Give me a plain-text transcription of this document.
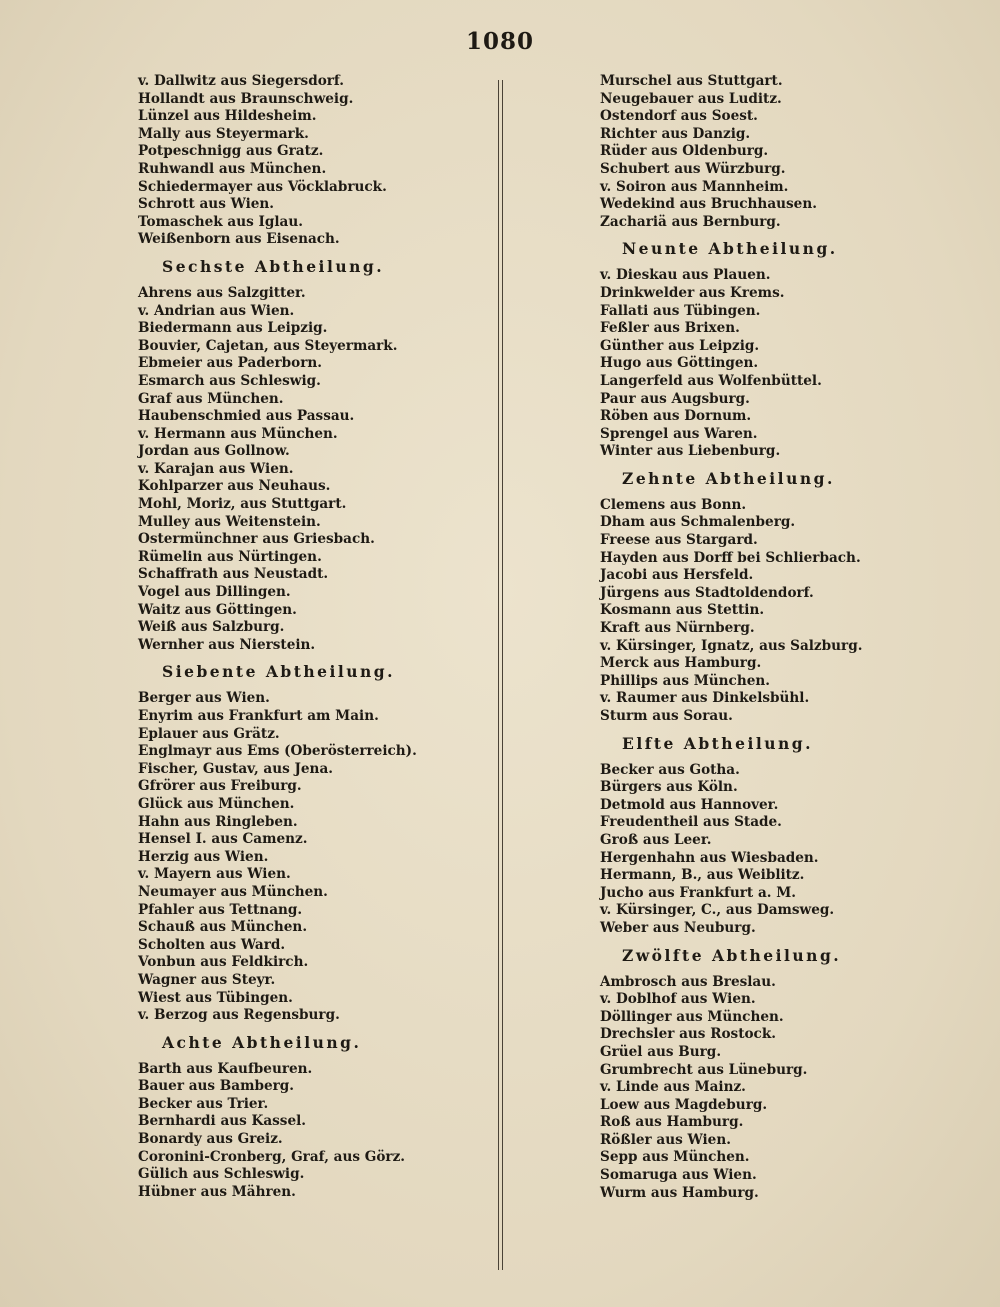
1080
v. Dallwitz aus Siegersdorf.
Hollandt aus Braunschweig.
Lünzel aus Hildesheim.
Mally aus Steyermark.
Potpeschnigg aus Gratz.
Ruhwandl aus München.
Schiedermayer aus Vöcklabruck.
Schrott aus Wien.
Tomaschek aus Iglau.
Weißenborn aus Eisenach.
Sechste Abtheilung.
Ahrens aus Salzgitter.
v. Andrian aus Wien.
Biedermann aus Leipzig.
Bouvier, Cajetan, aus Steyermark.
Ebmeier aus Paderborn.
Esmarch aus Schleswig.
Graf aus München.
Haubenschmied aus Passau.
v. Hermann aus München.
Jordan aus Gollnow.
v. Karajan aus Wien.
Kohlparzer aus Neuhaus.
Mohl, Moriz, aus Stuttgart.
Mulley aus Weitenstein.
Ostermünchner aus Griesbach.
Rümelin aus Nürtingen.
Schaffrath aus Neustadt.
Vogel aus Dillingen.
Waitz aus Göttingen.
Weiß aus Salzburg.
Wernher aus Nierstein.
Siebente Abtheilung.
Berger aus Wien.
Enyrim aus Frankfurt am Main.
Eplauer aus Grätz.
Englmayr aus Ems (Oberösterreich).
Fischer, Gustav, aus Jena.
Gfrörer aus Freiburg.
Glück aus München.
Hahn aus Ringleben.
Hensel I. aus Camenz.
Herzig aus Wien.
v. Mayern aus Wien.
Neumayer aus München.
Pfahler aus Tettnang.
Schauß aus München.
Scholten aus Ward.
Vonbun aus Feldkirch.
Wagner aus Steyr.
Wiest aus Tübingen.
v. Berzog aus Regensburg.
Achte Abtheilung.
Barth aus Kaufbeuren.
Bauer aus Bamberg.
Becker aus Trier.
Bernhardi aus Kassel.
Bonardy aus Greiz.
Coronini-Cronberg, Graf, aus Görz.
Gülich aus Schleswig.
Hübner aus Mähren.
Murschel aus Stuttgart.
Neugebauer aus Luditz.
Ostendorf aus Soest.
Richter aus Danzig.
Rüder aus Oldenburg.
Schubert aus Würzburg.
v. Soiron aus Mannheim.
Wedekind aus Bruchhausen.
Zachariä aus Bernburg.
Neunte Abtheilung.
v. Dieskau aus Plauen.
Drinkwelder aus Krems.
Fallati aus Tübingen.
Feßler aus Brixen.
Günther aus Leipzig.
Hugo aus Göttingen.
Langerfeld aus Wolfenbüttel.
Paur aus Augsburg.
Röben aus Dornum.
Sprengel aus Waren.
Winter aus Liebenburg.
Zehnte Abtheilung.
Clemens aus Bonn.
Dham aus Schmalenberg.
Freese aus Stargard.
Hayden aus Dorff bei Schlierbach.
Jacobi aus Hersfeld.
Jürgens aus Stadtoldendorf.
Kosmann aus Stettin.
Kraft aus Nürnberg.
v. Kürsinger, Ignatz, aus Salzburg.
Merck aus Hamburg.
Phillips aus München.
v. Raumer aus Dinkelsbühl.
Sturm aus Sorau.
Elfte Abtheilung.
Becker aus Gotha.
Bürgers aus Köln.
Detmold aus Hannover.
Freudentheil aus Stade.
Groß aus Leer.
Hergenhahn aus Wiesbaden.
Hermann, B., aus Weiblitz.
Jucho aus Frankfurt a. M.
v. Kürsinger, C., aus Damsweg.
Weber aus Neuburg.
Zwölfte Abtheilung.
Ambrosch aus Breslau.
v. Doblhof aus Wien.
Döllinger aus München.
Drechsler aus Rostock.
Grüel aus Burg.
Grumbrecht aus Lüneburg.
v. Linde aus Mainz.
Loew aus Magdeburg.
Roß aus Hamburg.
Rößler aus Wien.
Sepp aus München.
Somaruga aus Wien.
Wurm aus Hamburg.
